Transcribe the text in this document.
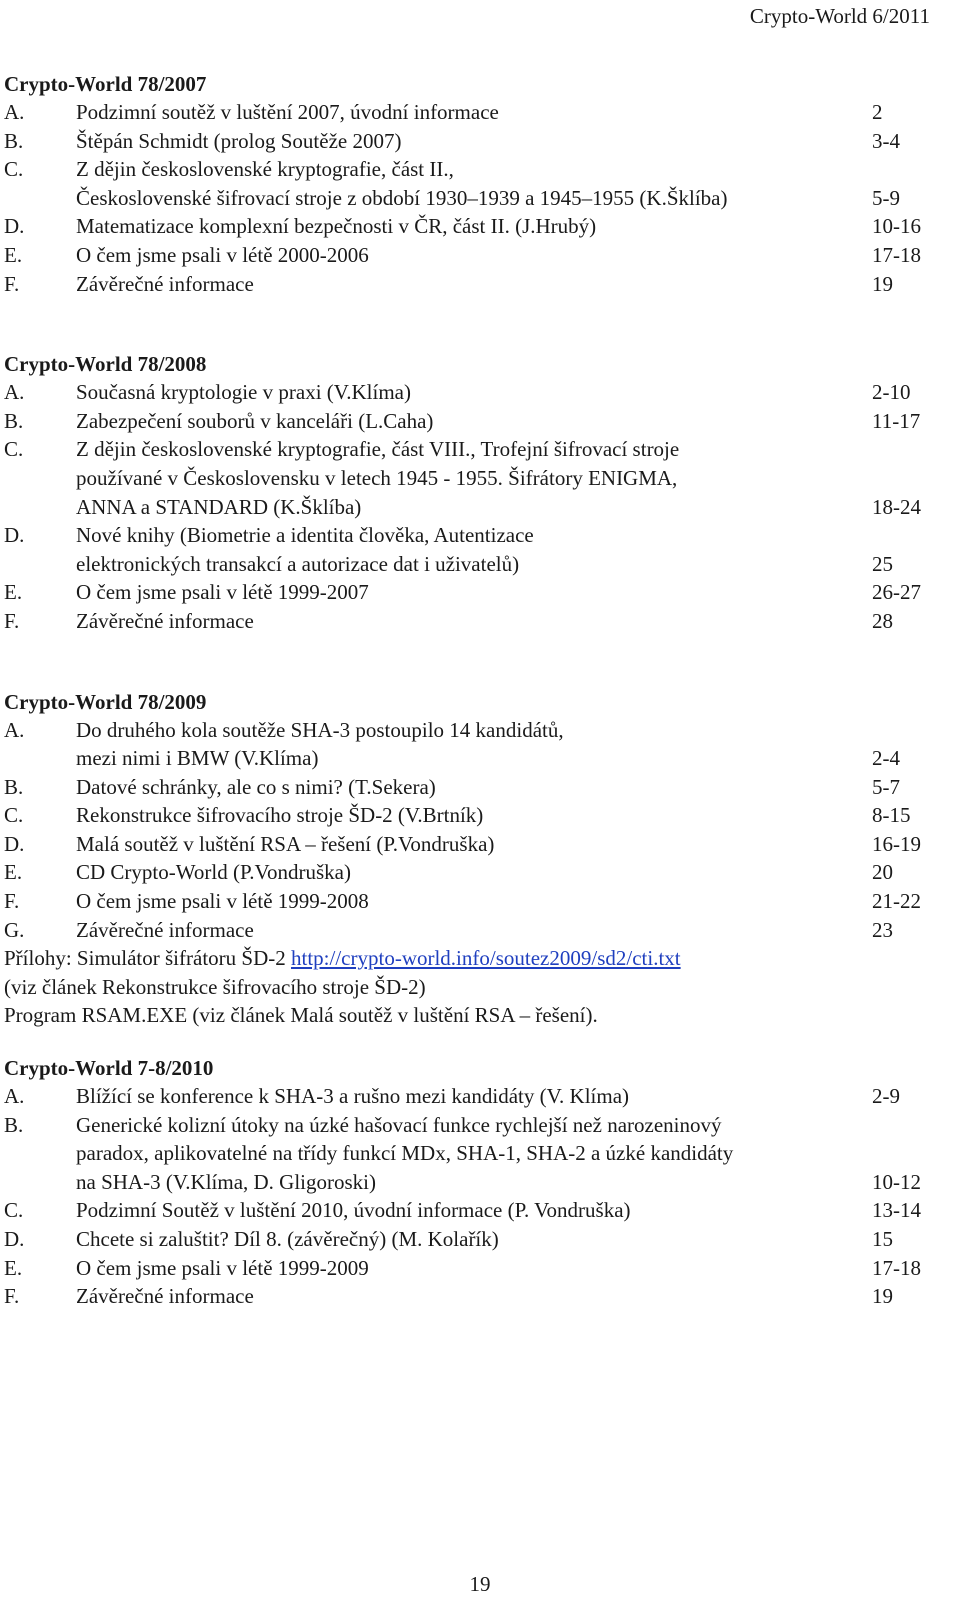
Crypto-World 6/2011
Crypto-World 78/2007
A.	Podzimní soutěž v luštění 2007, úvodní informace	2
B.	Štěpán Schmidt (prolog Soutěže 2007)	3-4
C.	Z dějin československé kryptografie, část II.,
Československé šifrovací stroje z období 1930–1939 a 1945–1955 (K.Šklíba)	5-9
D.	Matematizace komplexní bezpečnosti v ČR, část II. (J.Hrubý)	10-16
E.	O čem jsme psali v létě 2000-2006	17-18
F.	Závěrečné informace	19
Crypto-World 78/2008
A.	Současná kryptologie v praxi (V.Klíma)	2-10
B.	Zabezpečení souborů v kanceláři (L.Caha)	11-17
C.	Z dějin československé kryptografie, část VIII., Trofejní šifrovací stroje
používané v Československu v letech 1945 - 1955. Šifrátory ENIGMA,
ANNA a STANDARD (K.Šklíba)	18-24
D.	Nové knihy (Biometrie a identita člověka, Autentizace
elektronických transakcí a autorizace dat i uživatelů)	25
E.	O čem jsme psali v létě 1999-2007	26-27
F.	Závěrečné informace	28
Crypto-World 78/2009
A.	Do druhého kola soutěže SHA-3 postoupilo 14 kandidátů,
mezi nimi i BMW (V.Klíma)	2-4
B.	Datové schránky, ale co s nimi? (T.Sekera)	5-7
C.	Rekonstrukce šifrovacího stroje ŠD-2 (V.Brtník)	8-15
D.	Malá soutěž v luštění RSA – řešení (P.Vondruška)	16-19
E.	CD Crypto-World (P.Vondruška)	20
F.	O čem jsme psali v létě 1999-2008	21-22
G.	Závěrečné informace	23
Přílohy: Simulátor šifrátoru ŠD-2 http://crypto-world.info/soutez2009/sd2/cti.txt
(viz článek Rekonstrukce šifrovacího stroje ŠD-2)
Program RSAM.EXE (viz článek Malá soutěž v luštění RSA – řešení).
Crypto-World 7-8/2010
A.	Blížící se konference k SHA-3 a rušno mezi kandidáty (V. Klíma)	2-9
B.	Generické kolizní útoky na úzké hašovací funkce rychlejší než narozeninový
paradox, aplikovatelné na třídy funkcí MDx, SHA-1, SHA-2 a úzké kandidáty
na SHA-3 (V.Klíma, D. Gligoroski)	10-12
C.	Podzimní Soutěž v luštění 2010, úvodní informace (P. Vondruška)	13-14
D.	Chcete si zaluštit? Díl 8. (závěrečný) (M. Kolařík)	15
E.	O čem jsme psali v létě 1999-2009	17-18
F.	Závěrečné informace	19
19
